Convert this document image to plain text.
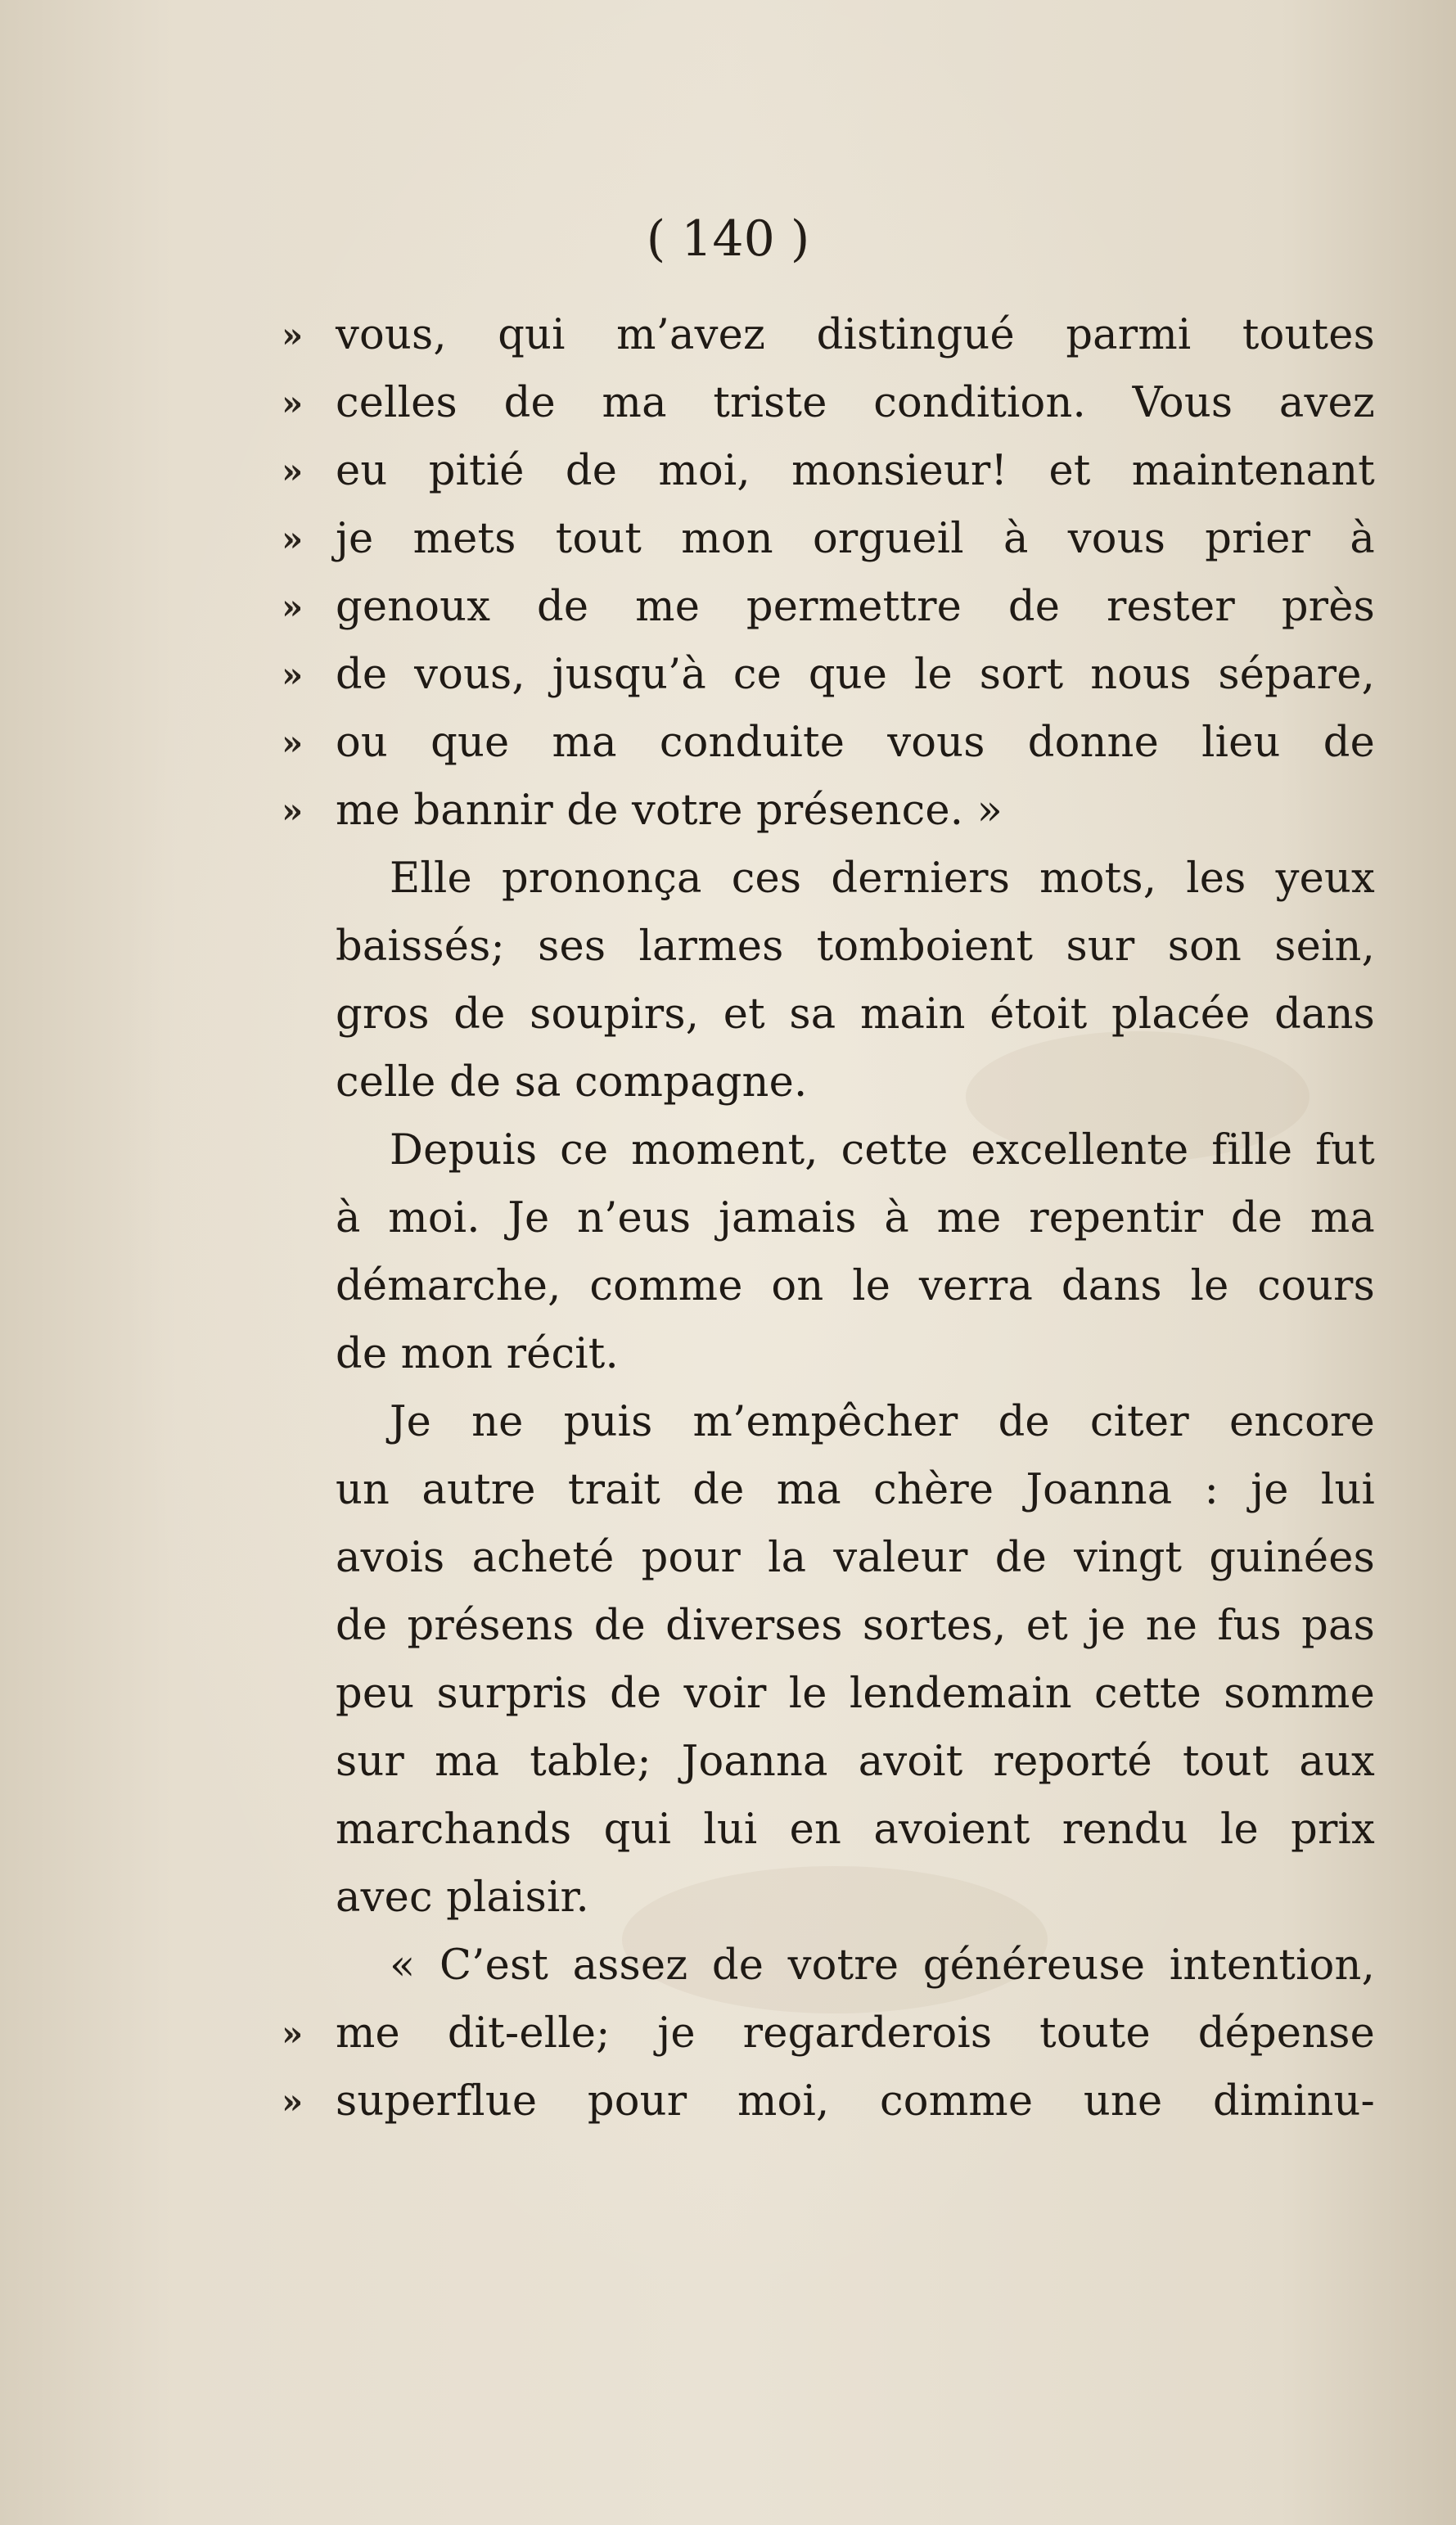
( 140 )
» vous, qui m’avez distingué parmi toutes
» celles de ma triste condition. Vous avez
» eu pitié de moi, monsieur! et maintenant
» je mets tout mon orgueil à vous prier à
» genoux de me permettre de rester près
» de vous, jusqu’à ce que le sort nous sépare,
» ou que ma conduite vous donne lieu de
» me bannir de votre présence. »
Elle prononça ces derniers mots, les yeux
baissés; ses larmes tomboient sur son sein,
gros de soupirs, et sa main étoit placée dans
celle de sa compagne.
Depuis ce moment, cette excellente fille fut
à moi. Je n’eus jamais à me repentir de ma
démarche, comme on le verra dans le cours
de mon récit.
Je ne puis m’empêcher de citer encore
un autre trait de ma chère Joanna : je lui
avois acheté pour la valeur de vingt guinées
de présens de diverses sortes, et je ne fus pas
peu surpris de voir le lendemain cette somme
sur ma table; Joanna avoit reporté tout aux
marchands qui lui en avoient rendu le prix
avec plaisir.
« C’est assez de votre généreuse intention,
» me dit-elle; je regarderois toute dépense
» superflue pour moi, comme une diminu-
